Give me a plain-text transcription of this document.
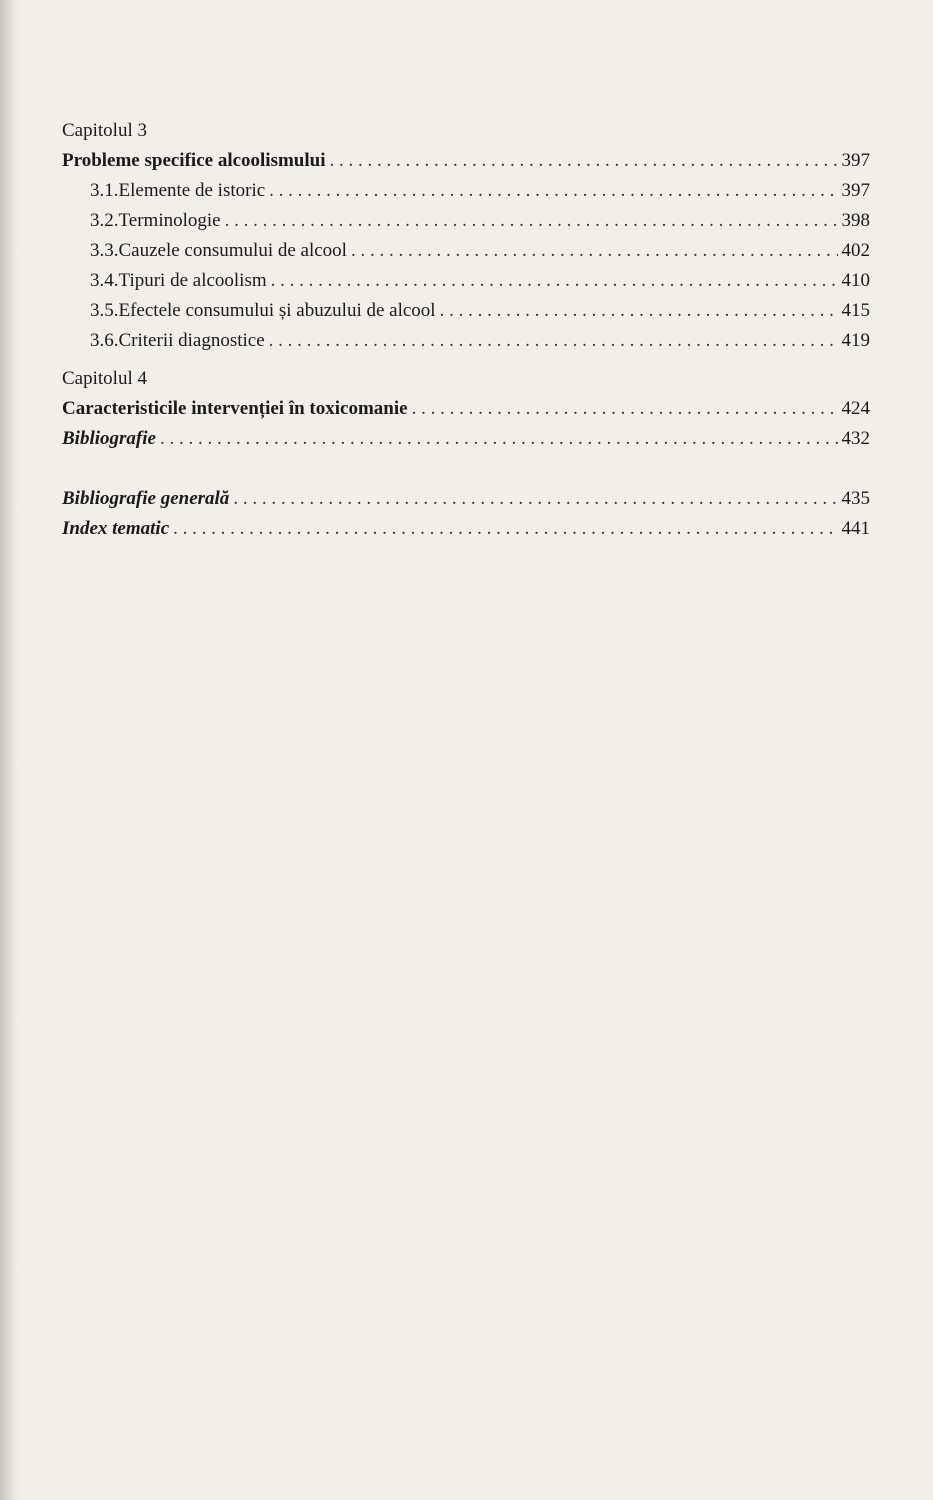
Capitolul 3
Probleme specifice alcoolismului . . .	397
3.1. Elemente de istoric . . .	397
3.2. Terminologie . . .	398
3.3. Cauzele consumului de alcool . . .	402
3.4. Tipuri de alcoolism . . .	410
3.5. Efectele consumului și abuzului de alcool . . .	415
3.6. Criterii diagnostice . . .	419
Capitolul 4
Caracteristicile intervenției în toxicomanie . . .	424
Bibliografie . . .	432
Bibliografie generală . . .	435
Index tematic . . .	441
